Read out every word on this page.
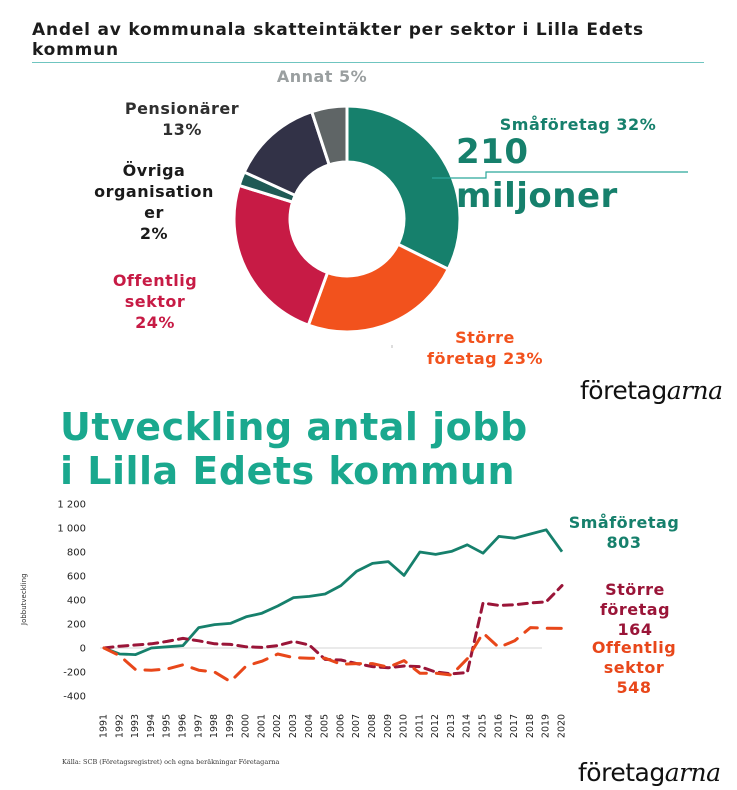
Andel av kommunala skatteintäkter per sektor i Lilla Edets kommun
Annat 5%
Pensionärer
13%
Övriga
organisation
er
2%
Offentlig
sektor
24%
Större
företag 23%
Småföretag 32%
210 miljoner
företagarna
Utveckling antal jobb
i Lilla Edets kommun
Jobbutveckling
-400
-200
0
200
400
600
800
1 000
1 200
1991 1992 1993 1994 1995 1996 1997 1998 1999 2000 2001 2002 2003 2004 2005 2006 2007 2008 2009 2010 2011 2012 2013 2014 2015 2016 2017 2018 2019 2020
Småföretag
803
Större
företag
164
Offentlig
sektor
548
Källa: SCB (Företagsregistret) och egna beräkningar Företagarna	företagarna
